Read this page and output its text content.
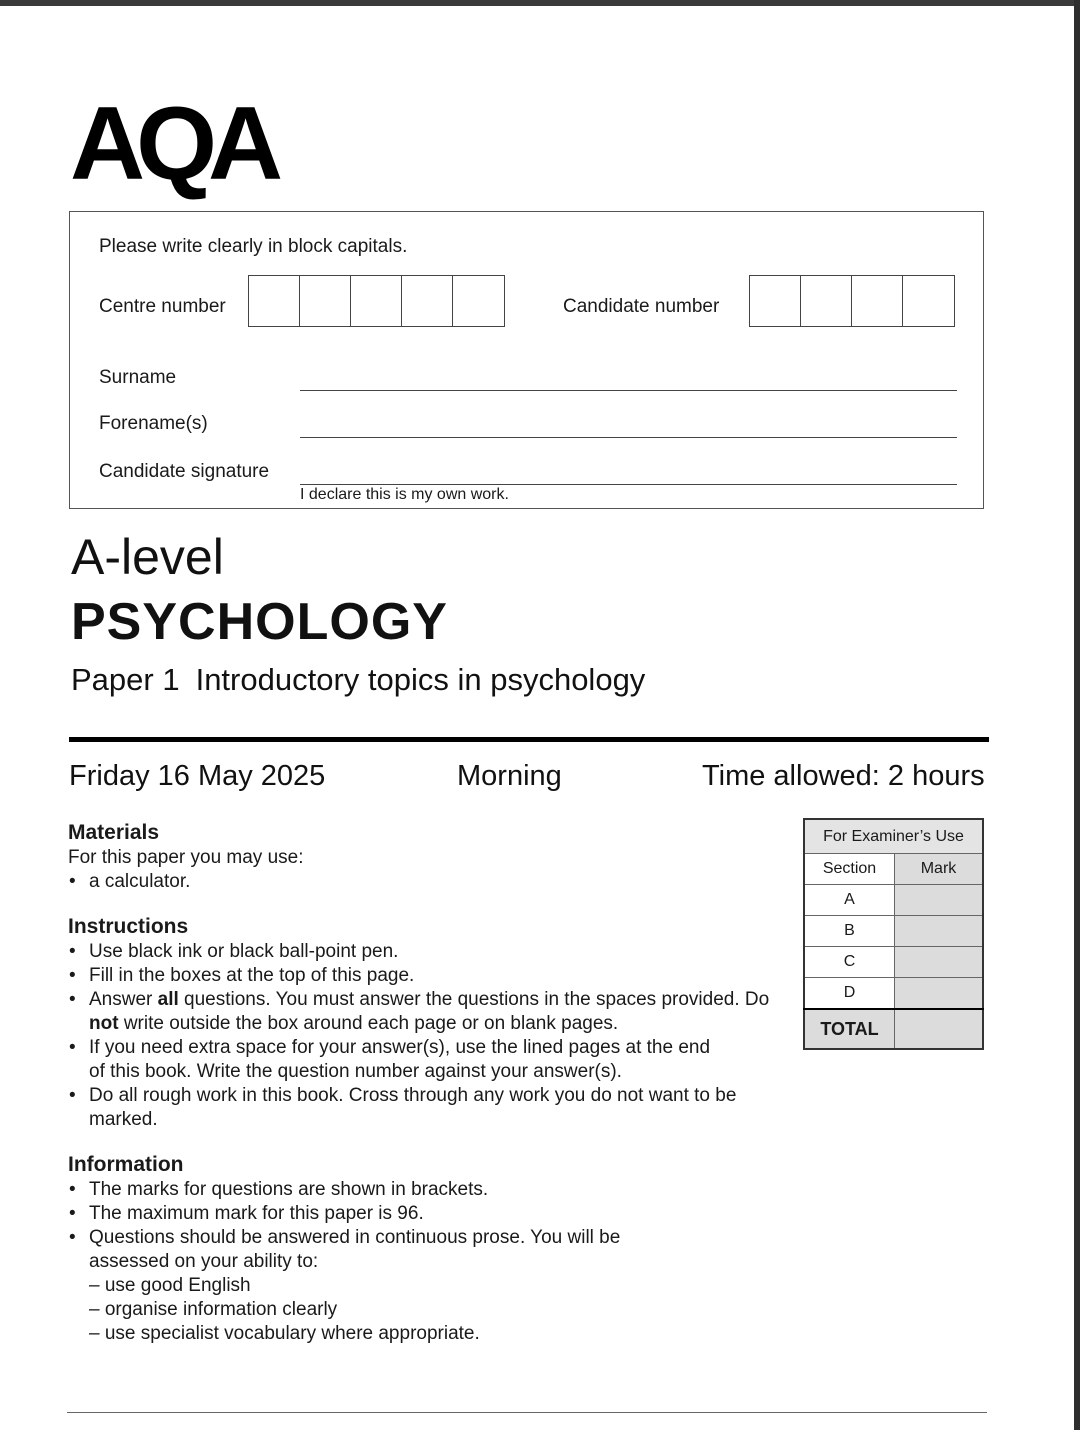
AQA
Please write clearly in block capitals.
Centre number	Candidate number
Surname
Forename(s)
Candidate signature
I declare this is my own work.
A-level
PSYCHOLOGY
Paper 1 Introductory topics in psychology
Friday 16 May 2025	Morning	Time allowed: 2 hours
Materials

For this paper you may use:

• a calculator.
Instructions
• Use black ink or black ball-point pen.
• Fill in the boxes at the top of this page.
• Answer all questions. You must answer the questions in the spaces provided. Do not write outside the box around each page or on blank pages.
• If you need extra space for your answer(s), use the lined pages at the end of this book. Write the question number against your answer(s).
• Do all rough work in this book. Cross through any work you do not want to be marked.
Information
• The marks for questions are shown in brackets.
• The maximum mark for this paper is 96.
• Questions should be answered in continuous prose. You will be assessed on your ability to:

– use good English

– organise information clearly

– use specialist vocabulary where appropriate.

For Examiner’s Use	
Section	Mark
A	
B	
C	
D	
TOTAL	
